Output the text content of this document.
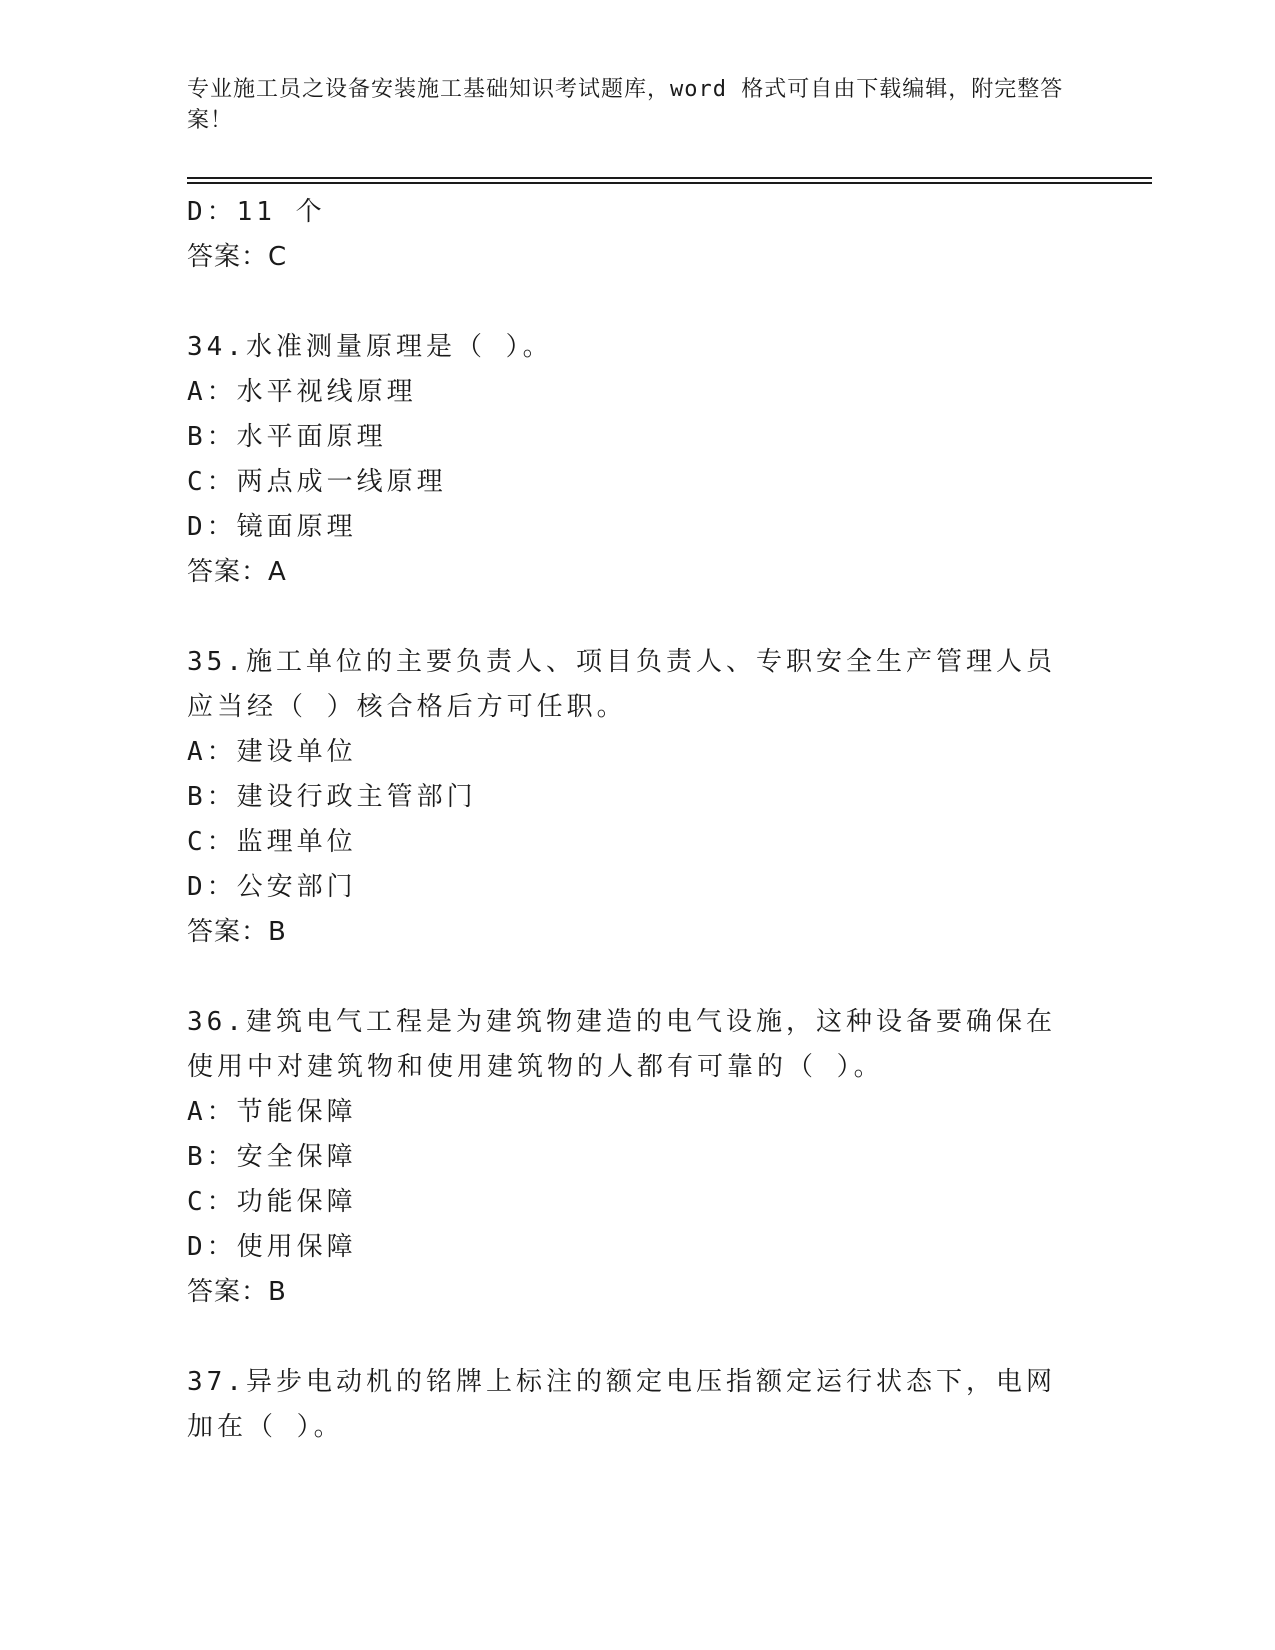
专业施工员之设备安装施工基础知识考试题库，word 格式可自由下载编辑，附完整答案！
D：11 个
答案：C
34.水准测量原理是（ ）。
A：水平视线原理
B：水平面原理
C：两点成一线原理
D：镜面原理
答案：A
35.施工单位的主要负责人、项目负责人、专职安全生产管理人员应当经（ ）核合格后方可任职。
A：建设单位
B：建设行政主管部门
C：监理单位
D：公安部门
答案：B
36.建筑电气工程是为建筑物建造的电气设施，这种设备要确保在使用中对建筑物和使用建筑物的人都有可靠的（ ）。
A：节能保障
B：安全保障
C：功能保障
D：使用保障
答案：B
37.异步电动机的铭牌上标注的额定电压指额定运行状态下，电网加在（ ）。
